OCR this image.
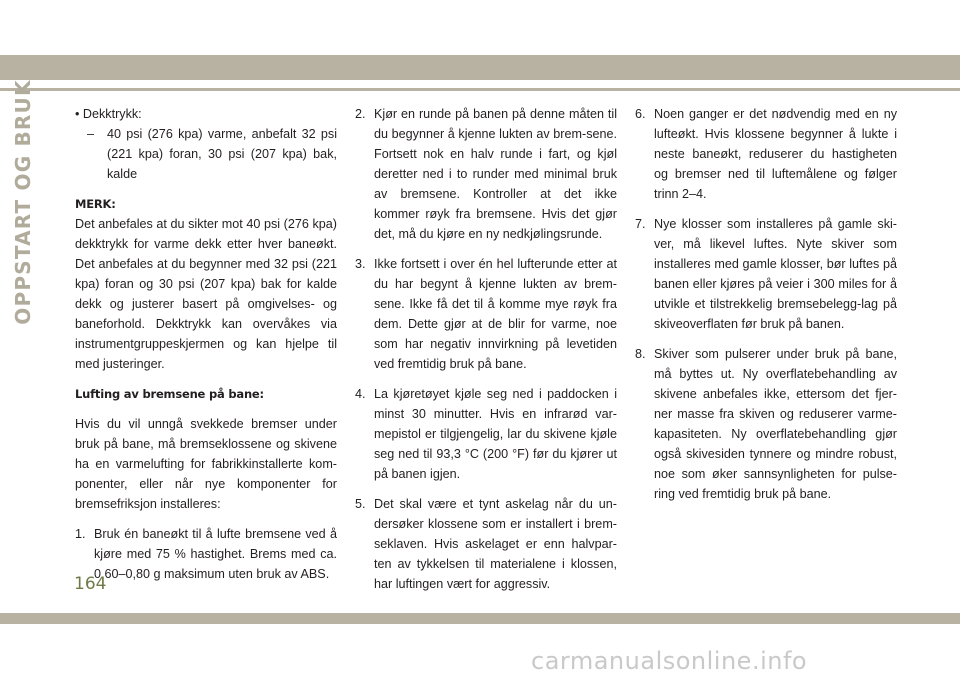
OPPSTART OG BRUK	• Dekktrykk:

– 40 psi (276 kpa) varme, anbefalt 32 psi (221 kpa) foran, 30 psi (207 kpa) bak, kalde

MERK:

Det anbefales at du sikter mot 40 psi (276 kpa) dekktrykk for varme dekk etter hver baneøkt. Det anbefales at du begynner med 32 psi (221 kpa) foran og 30 psi (207 kpa) bak for kalde dekk og justerer basert på omgivelses- og baneforhold. Dekktrykk kan overvåkes via instrumentgruppeskjermen og kan hjelpe til med justeringer.

Lufting av bremsene på bane:

Hvis du vil unngå svekkede bremser under bruk på bane, må bremseklossene og skivene ha en varmelufting for fabrikkinstallerte kom-ponenter, eller når nye komponenter for bremsefriksjon installeres:

1. Bruk én baneøkt til å lufte bremsene ved å kjøre med 75 % hastighet. Brems med ca. 0,60–0,80 g maksimum uten bruk av ABS.
2. Kjør en runde på banen på denne måten til du begynner å kjenne lukten av brem-sene. Fortsett nok en halv runde i fart, og kjøl deretter ned i to runder med minimal bruk av bremsene. Kontroller at det ikke kommer røyk fra bremsene. Hvis det gjør det, må du kjøre en ny nedkjølingsrunde.
3. Ikke fortsett i over én hel lufterunde etter at du har begynt å kjenne lukten av brem-sene. Ikke få det til å komme mye røyk fra dem. Dette gjør at de blir for varme, noe som har negativ innvirkning på levetiden ved fremtidig bruk på bane.
4. La kjøretøyet kjøle seg ned i paddocken i minst 30 minutter. Hvis en infrarød var-mepistol er tilgjengelig, lar du skivene kjøle seg ned til 93,3 °C (200 °F) før du kjører ut på banen igjen.
5. Det skal være et tynt askelag når du un-dersøker klossene som er installert i brem-seklaven. Hvis askelaget er enn halvpar-ten av tykkelsen til materialene i klossen, har luftingen vært for aggressiv.
6. Noen ganger er det nødvendig med en ny lufteøkt. Hvis klossene begynner å lukte i neste baneøkt, reduserer du hastigheten og bremser ned til luftemålene og følger trinn 2–4.
7. Nye klosser som installeres på gamle ski-ver, må likevel luftes. Nyte skiver som installeres med gamle klosser, bør luftes på banen eller kjøres på veier i 300 miles for å utvikle et tilstrekkelig bremsebelegg-lag på skiveoverflaten før bruk på banen.
8. Skiver som pulserer under bruk på bane, må byttes ut. Ny overflatebehandling av skivene anbefales ikke, ettersom det fjer-ner masse fra skiven og reduserer varme-kapasiteten. Ny overflatebehandling gjør også skivesiden tynnere og mindre robust, noe som øker sannsynligheten for pulse-ring ved fremtidig bruk på bane.
164
carmanualsonline.info
